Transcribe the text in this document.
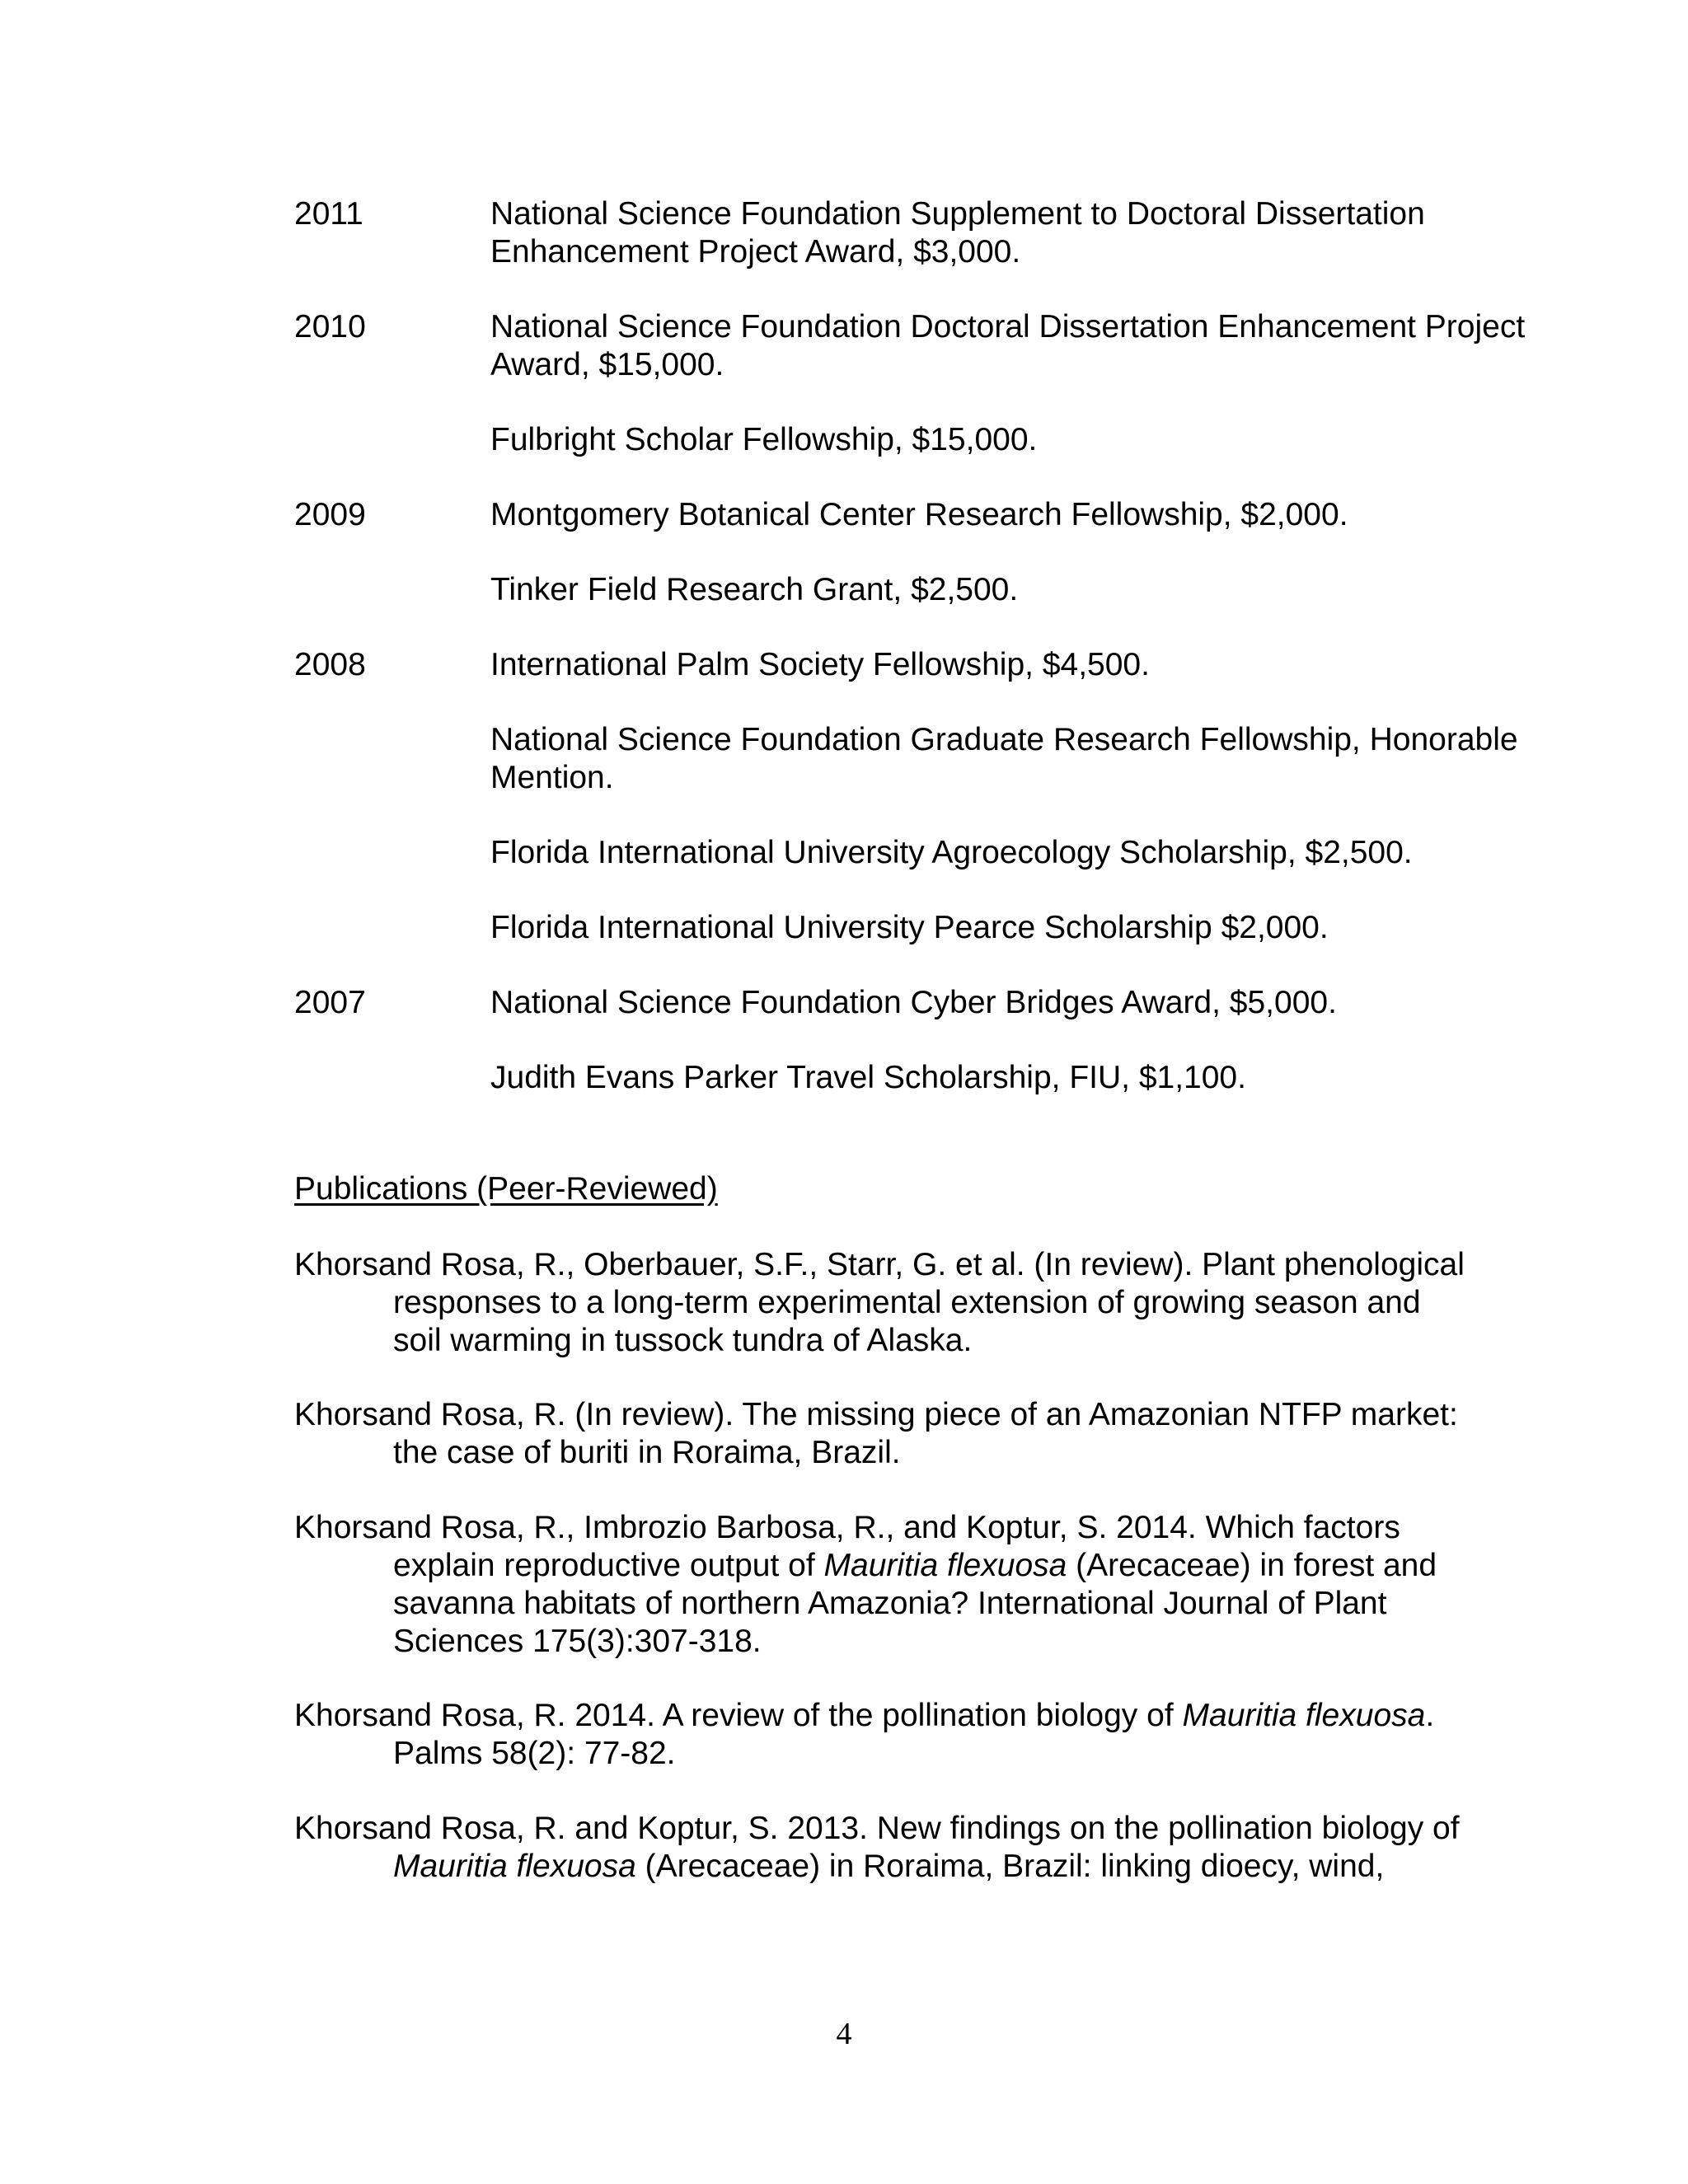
2011	National Science Foundation Supplement to Doctoral Dissertation Enhancement Project Award, $3,000.
2010	National Science Foundation Doctoral Dissertation Enhancement Project Award, $15,000.
Fulbright Scholar Fellowship, $15,000.
2009	Montgomery Botanical Center Research Fellowship, $2,000.
Tinker Field Research Grant, $2,500.
2008	International Palm Society Fellowship, $4,500.
National Science Foundation Graduate Research Fellowship, Honorable Mention.
Florida International University Agroecology Scholarship, $2,500.
Florida International University Pearce Scholarship $2,000.
2007	National Science Foundation Cyber Bridges Award, $5,000.
Judith Evans Parker Travel Scholarship, FIU, $1,100.
Publications (Peer-Reviewed)
Khorsand Rosa, R., Oberbauer, S.F., Starr, G. et al. (In review). Plant phenological responses to a long-term experimental extension of growing season and soil warming in tussock tundra of Alaska.
Khorsand Rosa, R. (In review). The missing piece of an Amazonian NTFP market: the case of buriti in Roraima, Brazil.
Khorsand Rosa, R., Imbrozio Barbosa, R., and Koptur, S. 2014. Which factors explain reproductive output of Mauritia flexuosa (Arecaceae) in forest and savanna habitats of northern Amazonia? International Journal of Plant Sciences 175(3):307-318.
Khorsand Rosa, R. 2014. A review of the pollination biology of Mauritia flexuosa. Palms 58(2): 77-82.
Khorsand Rosa, R. and Koptur, S. 2013. New findings on the pollination biology of Mauritia flexuosa (Arecaceae) in Roraima, Brazil: linking dioecy, wind,
4
